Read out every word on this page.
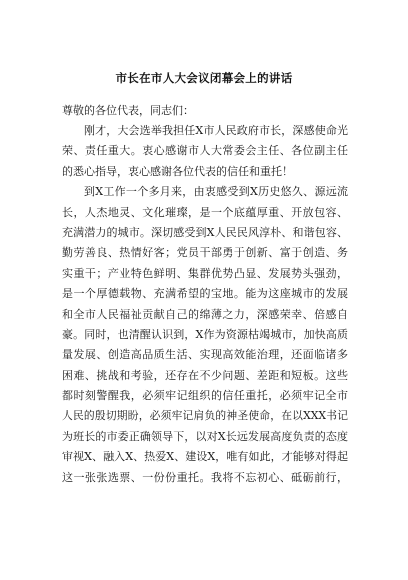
市长在市人大会议闭幕会上的讲话
尊敬的各位代表，同志们：
刚才，大会选举我担任X市人民政府市长，深感使命光
荣、责任重大。衷心感谢市人大常委会主任、各位副主任
的悉心指导，衷心感谢各位代表的信任和重托！
到X工作一个多月来，由衷感受到X历史悠久、源远流
长，人杰地灵、文化璀璨，是一个底蕴厚重、开放包容、
充满潜力的城市。深切感受到X人民民风淳朴、和谐包容、
勤劳善良、热情好客；党员干部勇于创新、富于创造、务
实重干；产业特色鲜明、集群优势凸显、发展势头强劲，
是一个厚德载物、充满希望的宝地。能为这座城市的发展
和全市人民福祉贡献自己的绵薄之力，深感荣幸、倍感自
豪。同时，也清醒认识到，X作为资源枯竭城市，加快高质
量发展、创造高品质生活、实现高效能治理，还面临诸多
困难、挑战和考验，还存在不少问题、差距和短板。这些
都时刻警醒我，必须牢记组织的信任重托，必须牢记全市
人民的殷切期盼，必须牢记肩负的神圣使命，在以XXX书记
为班长的市委正确领导下，以对X长远发展高度负责的态度
审视X、融入X、热爱X、建设X，唯有如此，才能够对得起
这一张张选票、一份份重托。我将不忘初心、砥砺前行，
